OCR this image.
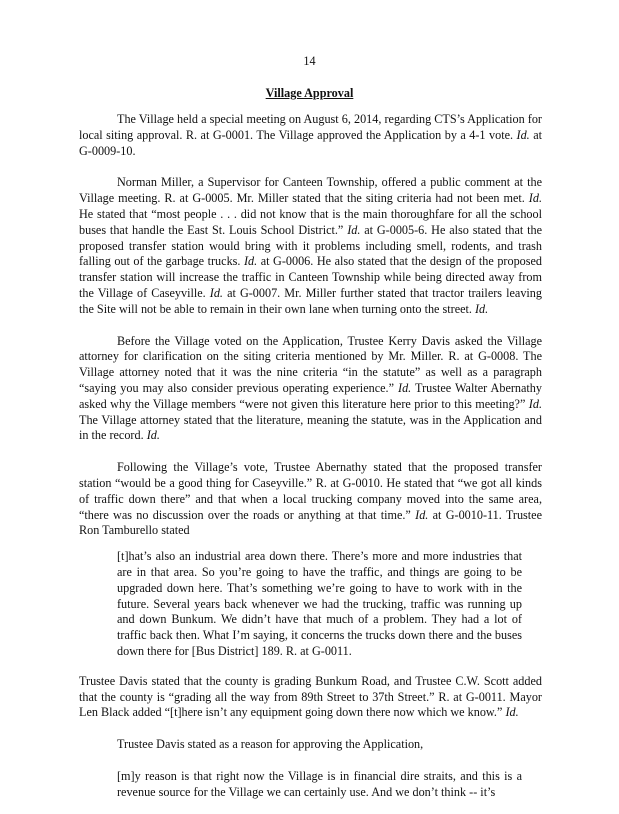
14
Village Approval

The Village held a special meeting on August 6, 2014, regarding CTS’s Application for local siting approval. R. at G-0001. The Village approved the Application by a 4-1 vote. Id. at G-0009-10.

Norman Miller, a Supervisor for Canteen Township, offered a public comment at the Village meeting. R. at G-0005. Mr. Miller stated that the siting criteria had not been met. Id. He stated that “most people . . . did not know that is the main thoroughfare for all the school buses that handle the East St. Louis School District.” Id. at G-0005-6. He also stated that the proposed transfer station would bring with it problems including smell, rodents, and trash falling out of the garbage trucks. Id. at G-0006. He also stated that the design of the proposed transfer station will increase the traffic in Canteen Township while being directed away from the Village of Caseyville. Id. at G-0007. Mr. Miller further stated that tractor trailers leaving the Site will not be able to remain in their own lane when turning onto the street. Id.

Before the Village voted on the Application, Trustee Kerry Davis asked the Village attorney for clarification on the siting criteria mentioned by Mr. Miller. R. at G-0008. The Village attorney noted that it was the nine criteria “in the statute” as well as a paragraph “saying you may also consider previous operating experience.” Id. Trustee Walter Abernathy asked why the Village members “were not given this literature here prior to this meeting?” Id. The Village attorney stated that the literature, meaning the statute, was in the Application and in the record. Id.

Following the Village’s vote, Trustee Abernathy stated that the proposed transfer station “would be a good thing for Caseyville.” R. at G-0010. He stated that “we got all kinds of traffic down there” and that when a local trucking company moved into the same area, “there was no discussion over the roads or anything at that time.” Id. at G-0010-11. Trustee Ron Tamburello stated

[t]hat’s also an industrial area down there. There’s more and more industries that are in that area. So you’re going to have the traffic, and things are going to be upgraded down here. That’s something we’re going to have to work with in the future. Several years back whenever we had the trucking, traffic was running up and down Bunkum. We didn’t have that much of a problem. They had a lot of traffic back then. What I’m saying, it concerns the trucks down there and the buses down there for [Bus District] 189. R. at G-0011.

Trustee Davis stated that the county is grading Bunkum Road, and Trustee C.W. Scott added that the county is “grading all the way from 89th Street to 37th Street.” R. at G-0011. Mayor Len Black added “[t]here isn’t any equipment going down there now which we know.” Id.

Trustee Davis stated as a reason for approving the Application,

[m]y reason is that right now the Village is in financial dire straits, and this is a revenue source for the Village we can certainly use. And we don’t think -- it’s
